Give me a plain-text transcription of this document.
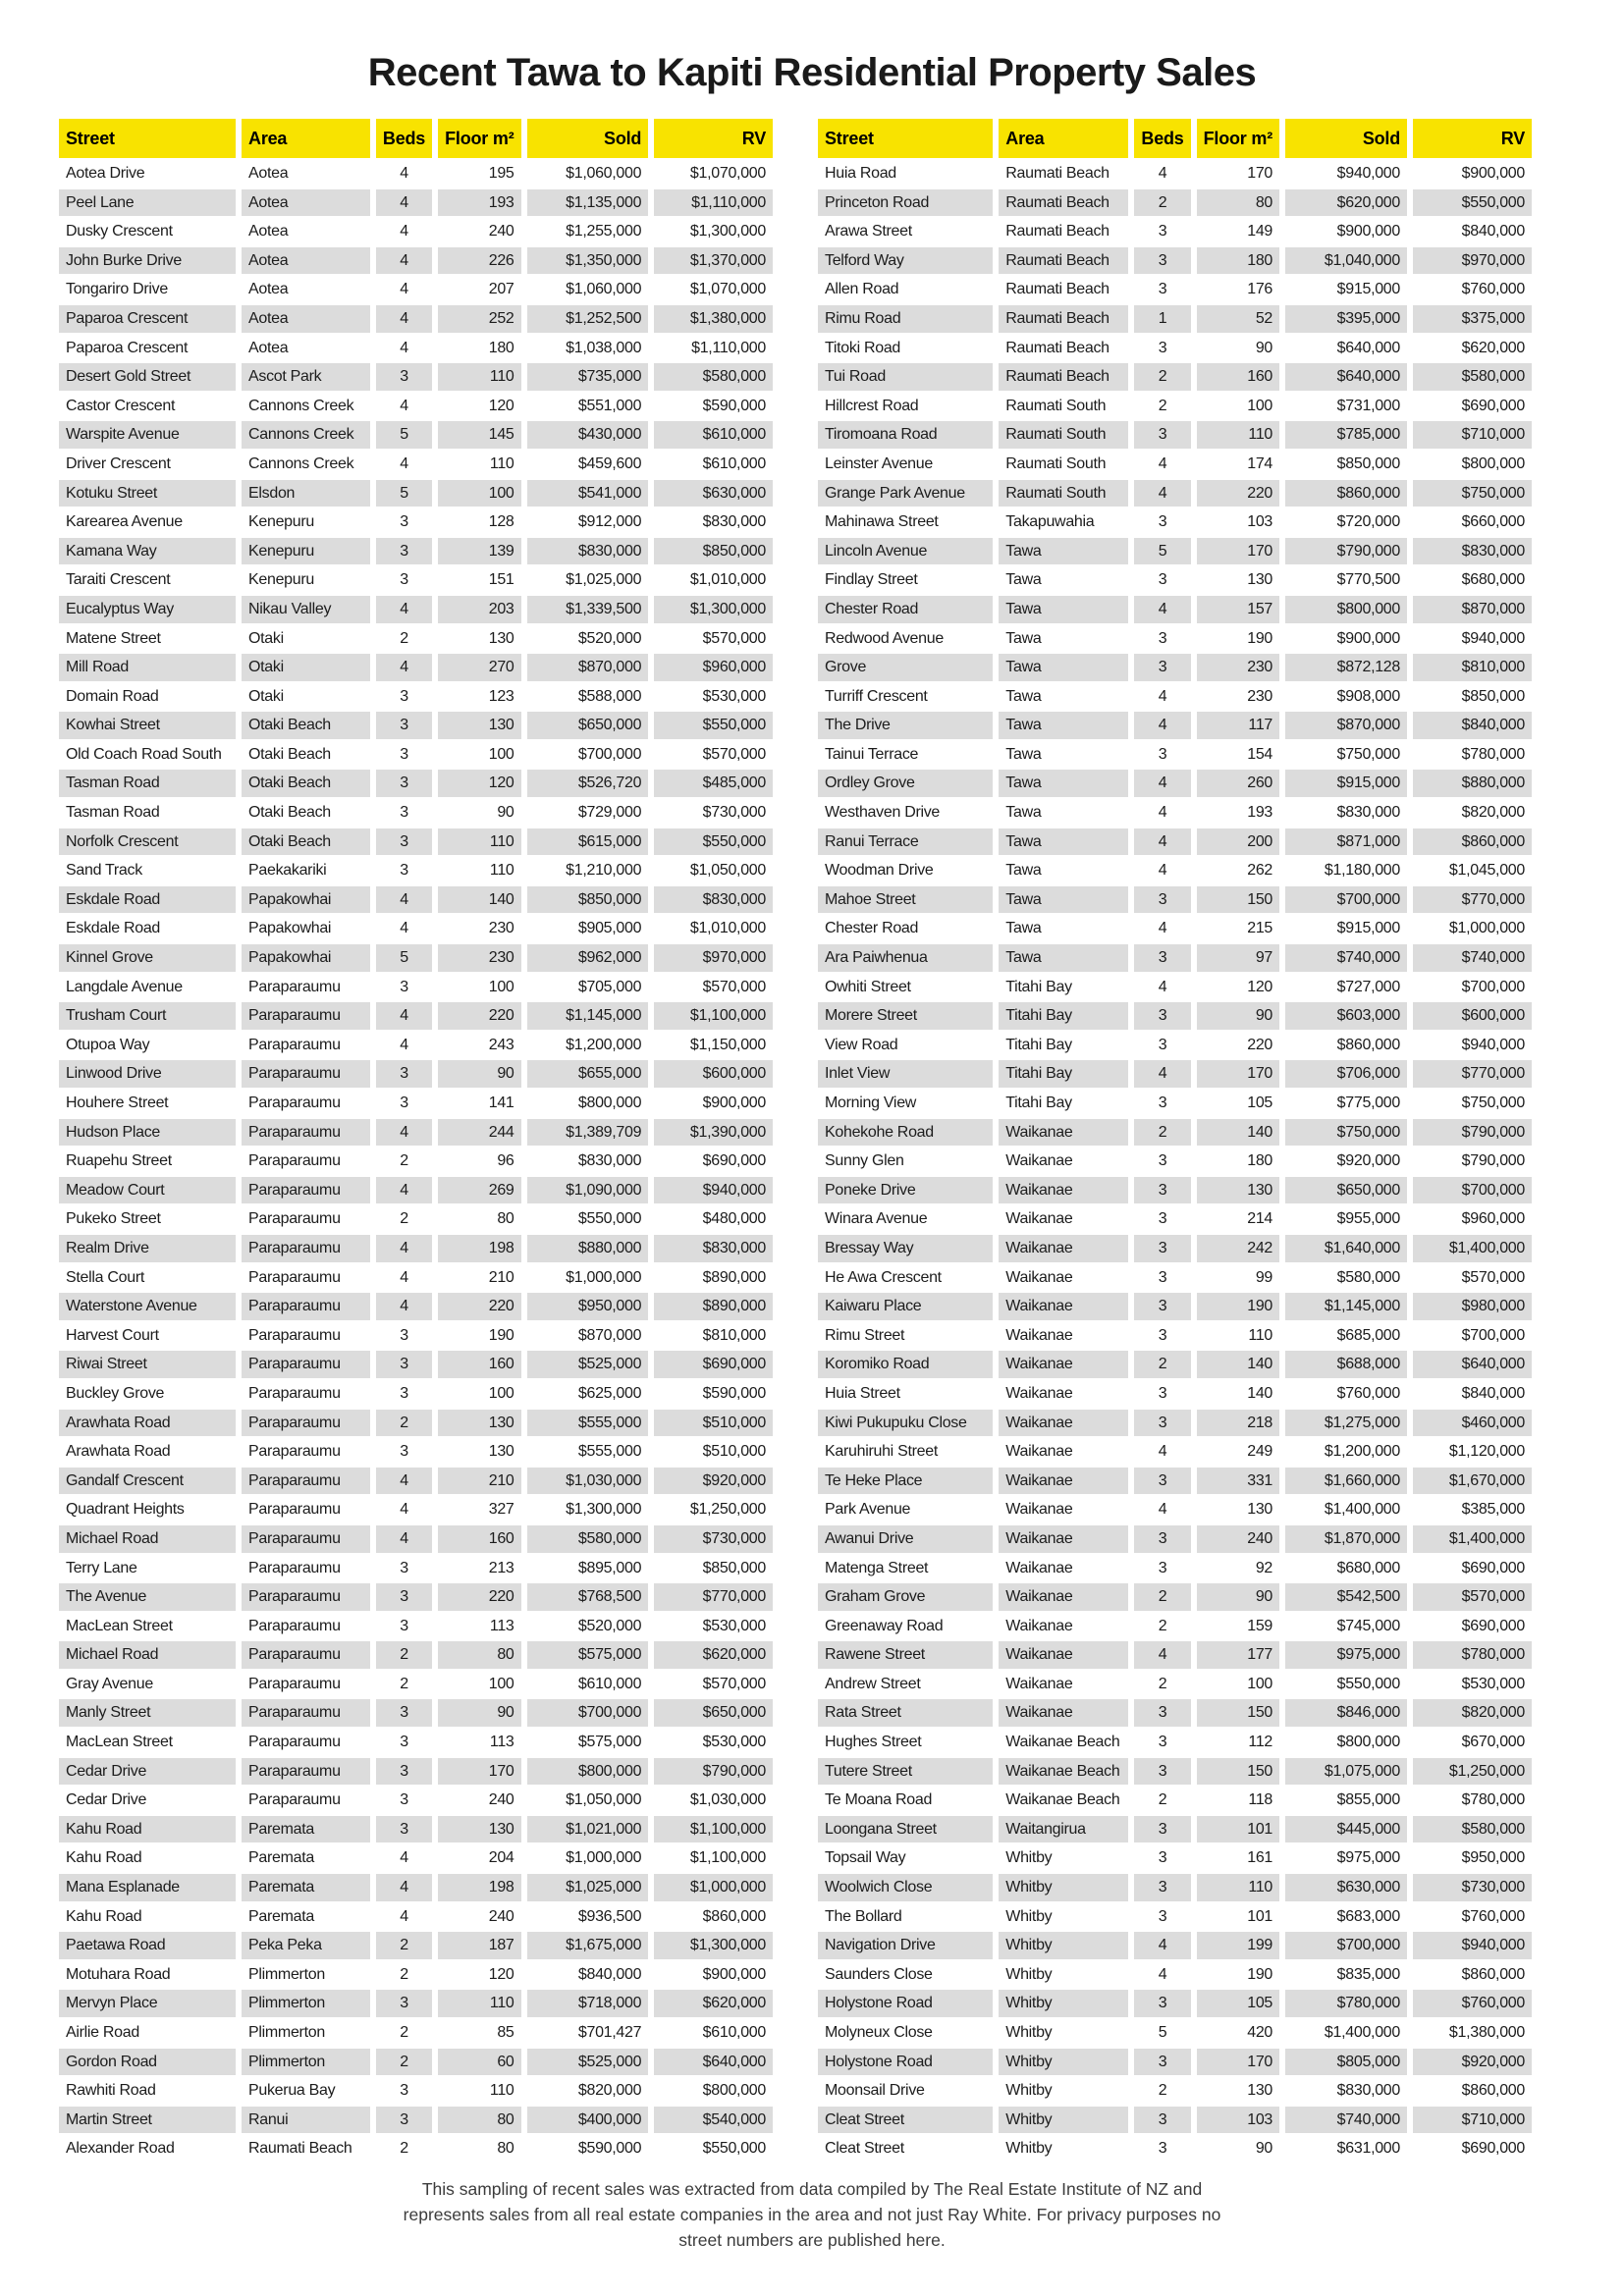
Recent Tawa to Kapiti Residential Property Sales
Street	Area	Beds	Floor m²	Sold	RV
Aotea Drive	Aotea	4	195	$1,060,000	$1,070,000
Peel Lane	Aotea	4	193	$1,135,000	$1,110,000
Dusky Crescent	Aotea	4	240	$1,255,000	$1,300,000
John Burke Drive	Aotea	4	226	$1,350,000	$1,370,000
Tongariro Drive	Aotea	4	207	$1,060,000	$1,070,000
Paparoa Crescent	Aotea	4	252	$1,252,500	$1,380,000
Paparoa Crescent	Aotea	4	180	$1,038,000	$1,110,000
Desert Gold Street	Ascot Park	3	110	$735,000	$580,000
Castor Crescent	Cannons Creek	4	120	$551,000	$590,000
Warspite Avenue	Cannons Creek	5	145	$430,000	$610,000
Driver Crescent	Cannons Creek	4	110	$459,600	$610,000
Kotuku Street	Elsdon	5	100	$541,000	$630,000
Karearea Avenue	Kenepuru	3	128	$912,000	$830,000
Kamana Way	Kenepuru	3	139	$830,000	$850,000
Taraiti Crescent	Kenepuru	3	151	$1,025,000	$1,010,000
Eucalyptus Way	Nikau Valley	4	203	$1,339,500	$1,300,000
Matene Street	Otaki	2	130	$520,000	$570,000
Mill Road	Otaki	4	270	$870,000	$960,000
Domain Road	Otaki	3	123	$588,000	$530,000
Kowhai Street	Otaki Beach	3	130	$650,000	$550,000
Old Coach Road South	Otaki Beach	3	100	$700,000	$570,000
Tasman Road	Otaki Beach	3	120	$526,720	$485,000
Tasman Road	Otaki Beach	3	90	$729,000	$730,000
Norfolk Crescent	Otaki Beach	3	110	$615,000	$550,000
Sand Track	Paekakariki	3	110	$1,210,000	$1,050,000
Eskdale Road	Papakowhai	4	140	$850,000	$830,000
Eskdale Road	Papakowhai	4	230	$905,000	$1,010,000
Kinnel Grove	Papakowhai	5	230	$962,000	$970,000
Langdale Avenue	Paraparaumu	3	100	$705,000	$570,000
Trusham Court	Paraparaumu	4	220	$1,145,000	$1,100,000
Otupoa Way	Paraparaumu	4	243	$1,200,000	$1,150,000
Linwood Drive	Paraparaumu	3	90	$655,000	$600,000
Houhere Street	Paraparaumu	3	141	$800,000	$900,000
Hudson Place	Paraparaumu	4	244	$1,389,709	$1,390,000
Ruapehu Street	Paraparaumu	2	96	$830,000	$690,000
Meadow Court	Paraparaumu	4	269	$1,090,000	$940,000
Pukeko Street	Paraparaumu	2	80	$550,000	$480,000
Realm Drive	Paraparaumu	4	198	$880,000	$830,000
Stella Court	Paraparaumu	4	210	$1,000,000	$890,000
Waterstone Avenue	Paraparaumu	4	220	$950,000	$890,000
Harvest Court	Paraparaumu	3	190	$870,000	$810,000
Riwai Street	Paraparaumu	3	160	$525,000	$690,000
Buckley Grove	Paraparaumu	3	100	$625,000	$590,000
Arawhata Road	Paraparaumu	2	130	$555,000	$510,000
Arawhata Road	Paraparaumu	3	130	$555,000	$510,000
Gandalf Crescent	Paraparaumu	4	210	$1,030,000	$920,000
Quadrant Heights	Paraparaumu	4	327	$1,300,000	$1,250,000
Michael Road	Paraparaumu	4	160	$580,000	$730,000
Terry Lane	Paraparaumu	3	213	$895,000	$850,000
The Avenue	Paraparaumu	3	220	$768,500	$770,000
MacLean Street	Paraparaumu	3	113	$520,000	$530,000
Michael Road	Paraparaumu	2	80	$575,000	$620,000
Gray Avenue	Paraparaumu	2	100	$610,000	$570,000
Manly Street	Paraparaumu	3	90	$700,000	$650,000
MacLean Street	Paraparaumu	3	113	$575,000	$530,000
Cedar Drive	Paraparaumu	3	170	$800,000	$790,000
Cedar Drive	Paraparaumu	3	240	$1,050,000	$1,030,000
Kahu Road	Paremata	3	130	$1,021,000	$1,100,000
Kahu Road	Paremata	4	204	$1,000,000	$1,100,000
Mana Esplanade	Paremata	4	198	$1,025,000	$1,000,000
Kahu Road	Paremata	4	240	$936,500	$860,000
Paetawa Road	Peka Peka	2	187	$1,675,000	$1,300,000
Motuhara Road	Plimmerton	2	120	$840,000	$900,000
Mervyn Place	Plimmerton	3	110	$718,000	$620,000
Airlie Road	Plimmerton	2	85	$701,427	$610,000
Gordon Road	Plimmerton	2	60	$525,000	$640,000
Rawhiti Road	Pukerua Bay	3	110	$820,000	$800,000
Martin Street	Ranui	3	80	$400,000	$540,000
Alexander Road	Raumati Beach	2	80	$590,000	$550,000
Street	Area	Beds	Floor m²	Sold	RV
Huia Road	Raumati Beach	4	170	$940,000	$900,000
Princeton Road	Raumati Beach	2	80	$620,000	$550,000
Arawa Street	Raumati Beach	3	149	$900,000	$840,000
Telford Way	Raumati Beach	3	180	$1,040,000	$970,000
Allen Road	Raumati Beach	3	176	$915,000	$760,000
Rimu Road	Raumati Beach	1	52	$395,000	$375,000
Titoki Road	Raumati Beach	3	90	$640,000	$620,000
Tui Road	Raumati Beach	2	160	$640,000	$580,000
Hillcrest Road	Raumati South	2	100	$731,000	$690,000
Tiromoana Road	Raumati South	3	110	$785,000	$710,000
Leinster Avenue	Raumati South	4	174	$850,000	$800,000
Grange Park Avenue	Raumati South	4	220	$860,000	$750,000
Mahinawa Street	Takapuwahia	3	103	$720,000	$660,000
Lincoln Avenue	Tawa	5	170	$790,000	$830,000
Findlay Street	Tawa	3	130	$770,500	$680,000
Chester Road	Tawa	4	157	$800,000	$870,000
Redwood Avenue	Tawa	3	190	$900,000	$940,000
Grove	Tawa	3	230	$872,128	$810,000
Turriff Crescent	Tawa	4	230	$908,000	$850,000
The Drive	Tawa	4	117	$870,000	$840,000
Tainui Terrace	Tawa	3	154	$750,000	$780,000
Ordley Grove	Tawa	4	260	$915,000	$880,000
Westhaven Drive	Tawa	4	193	$830,000	$820,000
Ranui Terrace	Tawa	4	200	$871,000	$860,000
Woodman Drive	Tawa	4	262	$1,180,000	$1,045,000
Mahoe Street	Tawa	3	150	$700,000	$770,000
Chester Road	Tawa	4	215	$915,000	$1,000,000
Ara Paiwhenua	Tawa	3	97	$740,000	$740,000
Owhiti Street	Titahi Bay	4	120	$727,000	$700,000
Morere Street	Titahi Bay	3	90	$603,000	$600,000
View Road	Titahi Bay	3	220	$860,000	$940,000
Inlet View	Titahi Bay	4	170	$706,000	$770,000
Morning View	Titahi Bay	3	105	$775,000	$750,000
Kohekohe Road	Waikanae	2	140	$750,000	$790,000
Sunny Glen	Waikanae	3	180	$920,000	$790,000
Poneke Drive	Waikanae	3	130	$650,000	$700,000
Winara Avenue	Waikanae	3	214	$955,000	$960,000
Bressay Way	Waikanae	3	242	$1,640,000	$1,400,000
He Awa Crescent	Waikanae	3	99	$580,000	$570,000
Kaiwaru Place	Waikanae	3	190	$1,145,000	$980,000
Rimu Street	Waikanae	3	110	$685,000	$700,000
Koromiko Road	Waikanae	2	140	$688,000	$640,000
Huia Street	Waikanae	3	140	$760,000	$840,000
Kiwi Pukupuku Close	Waikanae	3	218	$1,275,000	$460,000
Karuhiruhi Street	Waikanae	4	249	$1,200,000	$1,120,000
Te Heke Place	Waikanae	3	331	$1,660,000	$1,670,000
Park Avenue	Waikanae	4	130	$1,400,000	$385,000
Awanui Drive	Waikanae	3	240	$1,870,000	$1,400,000
Matenga Street	Waikanae	3	92	$680,000	$690,000
Graham Grove	Waikanae	2	90	$542,500	$570,000
Greenaway Road	Waikanae	2	159	$745,000	$690,000
Rawene Street	Waikanae	4	177	$975,000	$780,000
Andrew Street	Waikanae	2	100	$550,000	$530,000
Rata Street	Waikanae	3	150	$846,000	$820,000
Hughes Street	Waikanae Beach	3	112	$800,000	$670,000
Tutere Street	Waikanae Beach	3	150	$1,075,000	$1,250,000
Te Moana Road	Waikanae Beach	2	118	$855,000	$780,000
Loongana Street	Waitangirua	3	101	$445,000	$580,000
Topsail Way	Whitby	3	161	$975,000	$950,000
Woolwich Close	Whitby	3	110	$630,000	$730,000
The Bollard	Whitby	3	101	$683,000	$760,000
Navigation Drive	Whitby	4	199	$700,000	$940,000
Saunders Close	Whitby	4	190	$835,000	$860,000
Holystone Road	Whitby	3	105	$780,000	$760,000
Molyneux Close	Whitby	5	420	$1,400,000	$1,380,000
Holystone Road	Whitby	3	170	$805,000	$920,000
Moonsail Drive	Whitby	2	130	$830,000	$860,000
Cleat Street	Whitby	3	103	$740,000	$710,000
Cleat Street	Whitby	3	90	$631,000	$690,000

This sampling of recent sales was extracted from data compiled by The Real Estate Institute of NZ and represents sales from all real estate companies in the area and not just Ray White. For privacy purposes no street numbers are published here.
